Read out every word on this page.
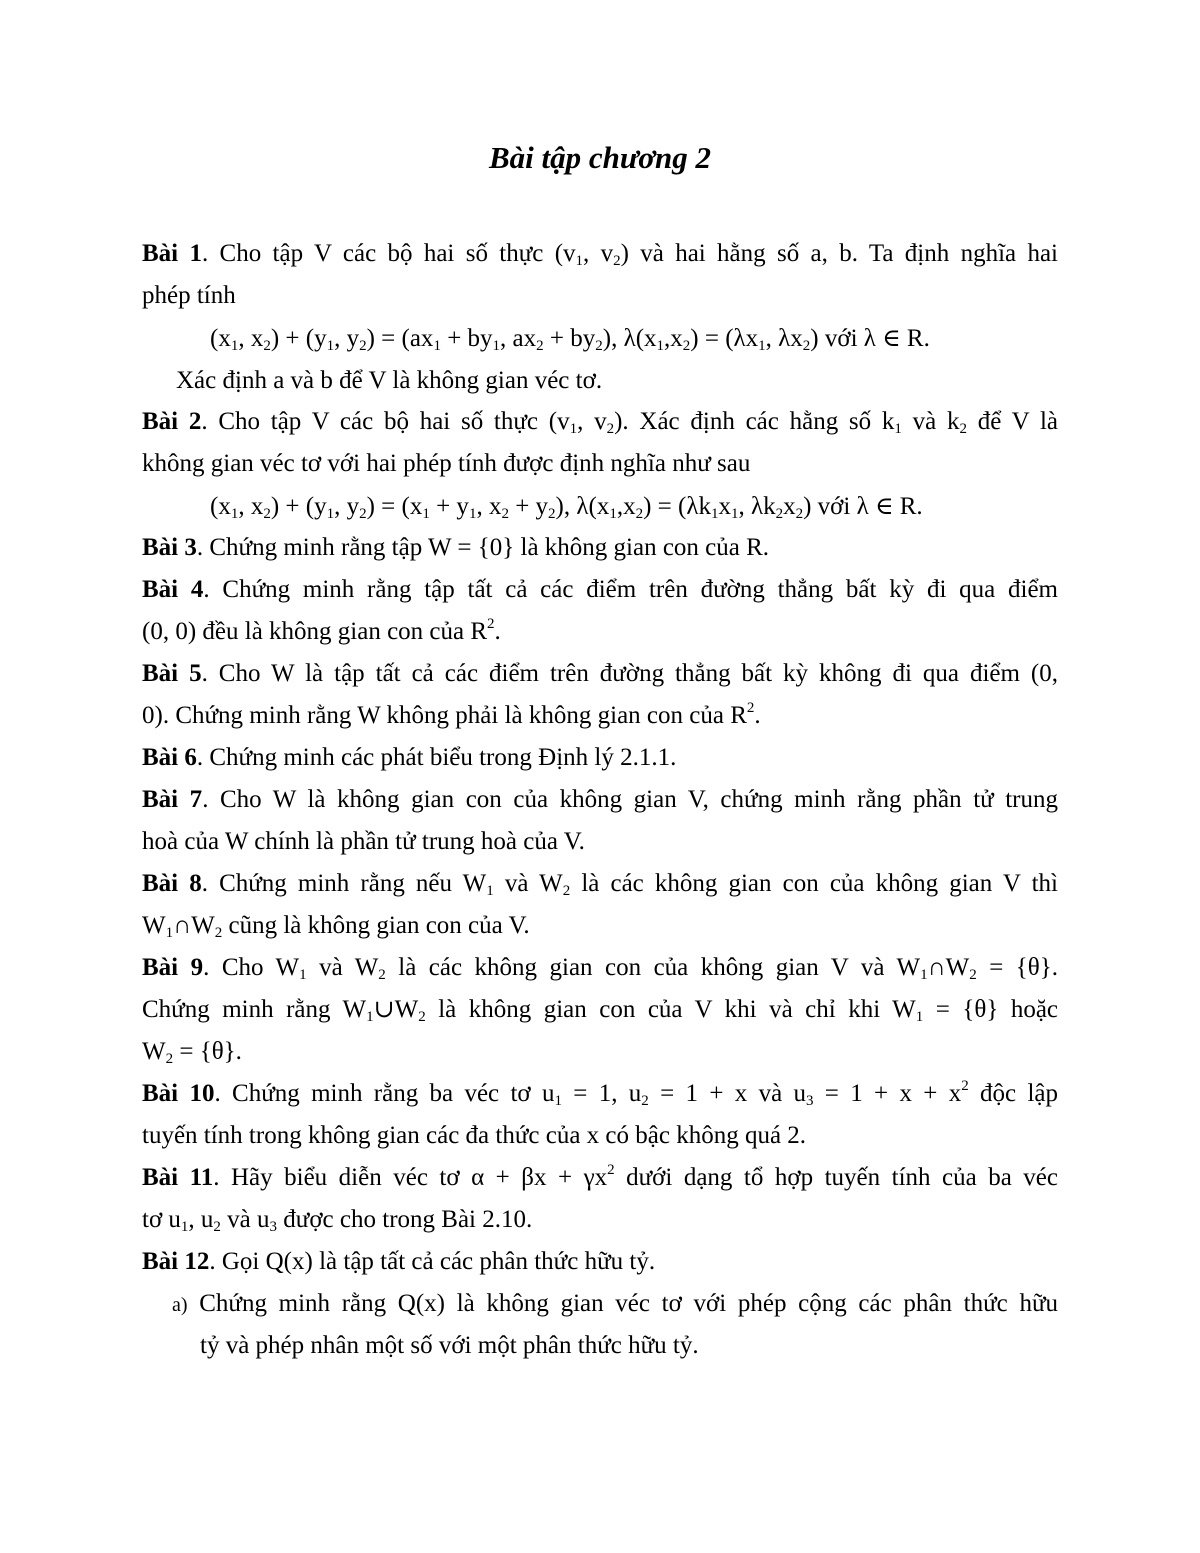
Bài tập chương 2
Bài 1. Cho tập V các bộ hai số thực ($v_1$, $v_2$) và hai hằng số a, b. Ta định nghĩa hai
phép tính
($x_1$, $x_2) + (y_1$, $y_2) = (ax_1 + by_1$, $ax_2 + by_2$), $\lambda(x_1,x_2) = (\lambda x_1$, $\lambda x_2$) với λ ∈ R.
Xác định a và b để V là không gian véc tơ.
Bài 2. Cho tập V các bộ hai số thực ($v_1$, $v_2$). Xác định các hằng số $k_1$ và $k_2$ để V là
không gian véc tơ với hai phép tính được định nghĩa như sau
($x_1$, $x_2) + (y_1$, $y_2) = (x_1 + y_1$, $x_2 + y_2$), $\lambda(x_1,x_2) = (\lambda k_1x_1$, $\lambda k_2x_2$) với λ ∈ R.
Bài 3. Chứng minh rằng tập W = {0} là không gian con của R.
Bài 4. Chứng minh rằng tập tất cả các điểm trên đường thẳng bất kỳ đi qua điểm
(0, 0) đều là không gian con của $R^2$.
Bài 5. Cho W là tập tất cả các điểm trên đường thẳng bất kỳ không đi qua điểm (0,
0). Chứng minh rằng W không phải là không gian con của $R^2$.
Bài 6. Chứng minh các phát biểu trong Định lý 2.1.1.
Bài 7. Cho W là không gian con của không gian V, chứng minh rằng phần tử trung
hoà của W chính là phần tử trung hoà của V.
Bài 8. Chứng minh rằng nếu $W_1$ và $W_2$ là các không gian con của không gian V thì
$W_1\cap W_2$ cũng là không gian con của V.
Bài 9. Cho $W_1$ và $W_2$ là các không gian con của không gian V và $W_1\cap W_2 = \{\theta\}$.
Chứng minh rằng $W_1\cup W_2$ là không gian con của V khi và chỉ khi $W_1 = \{\theta\}$ hoặc
$W_2 = \{\theta\}$.
Bài 10. Chứng minh rằng ba véc tơ $u_1 = 1$, $u_2 = 1 + x$ và $u_3 = 1 + x + x^2$ độc lập
tuyến tính trong không gian các đa thức của x có bậc không quá 2.
Bài 11. Hãy biểu diễn véc tơ $\alpha + \beta x + \gamma x^2$ dưới dạng tổ hợp tuyến tính của ba véc
tơ $u_1$, $u_2$ và $u_3$ được cho trong Bài 2.10.
Bài 12. Gọi Q(x) là tập tất cả các phân thức hữu tỷ.
a) Chứng minh rằng Q(x) là không gian véc tơ với phép cộng các phân thức hữu
tỷ và phép nhân một số với một phân thức hữu tỷ.
